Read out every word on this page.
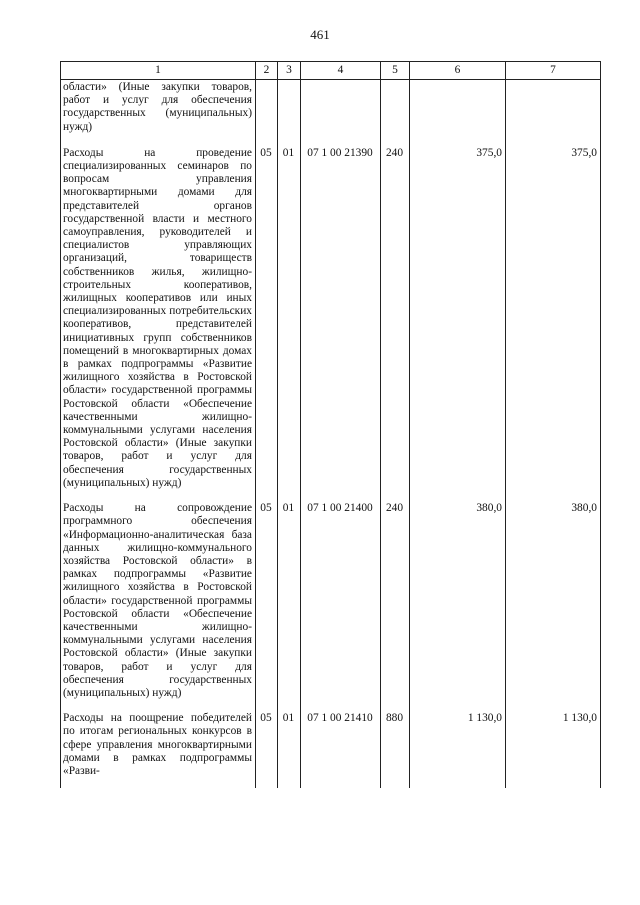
461
1	2	3	4	5	6	7
области» (Иные закупки товаров, работ и услуг для обеспечения государственных (муниципальных) нужд)						
Расходы на проведение специализированных семинаров по вопросам управления многоквартирными домами для представителей органов государственной власти и местного самоуправления, руководителей и специалистов управляющих организаций, товариществ собственников жилья, жилищно-строительных кооперативов, жилищных кооперативов или иных специализированных потребительских кооперативов, представителей инициативных групп собственников помещений в многоквартирных домах в рамках подпрограммы «Развитие жилищного хозяйства в Ростовской области» государственной программы Ростовской области «Обеспечение качественными жилищно-коммунальными услугами населения Ростовской области» (Иные закупки товаров, работ и услуг для обеспечения государственных (муниципальных) нужд)	05	01	07 1 00 21390	240	375,0	375,0
Расходы на сопровождение программного обеспечения «Информационно-аналитическая база данных жилищно-коммунального хозяйства Ростовской области» в рамках подпрограммы «Развитие жилищного хозяйства в Ростовской области» государственной программы Ростовской области «Обеспечение качественными жилищно-коммунальными услугами населения Ростовской области» (Иные закупки товаров, работ и услуг для обеспечения государственных (муниципальных) нужд)	05	01	07 1 00 21400	240	380,0	380,0
Расходы на поощрение победителей по итогам региональных конкурсов в сфере управления многоквартирными домами в рамках подпрограммы «Разви-	05	01	07 1 00 21410	880	1 130,0	1 130,0
